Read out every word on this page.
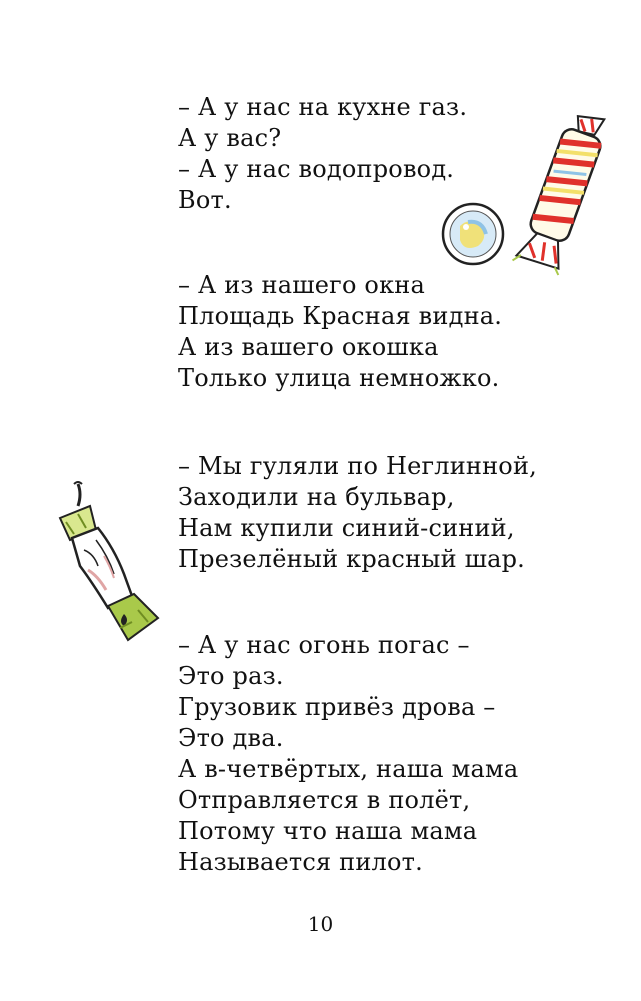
– А у нас на кухне газ.
А у вас?
– А у нас водопровод.
Вот.
– А из нашего окна
Площадь Красная видна.
А из вашего окошка
Только улица немножко.
– Мы гуляли по Неглинной,
Заходили на бульвар,
Нам купили синий-синий,
Презелёный красный шар.
– А у нас огонь погас –
Это раз.
Грузовик привёз дрова –
Это два.
А в-четвёртых, наша мама
Отправляется в полёт,
Потому что наша мама
Называется пилот.
10
